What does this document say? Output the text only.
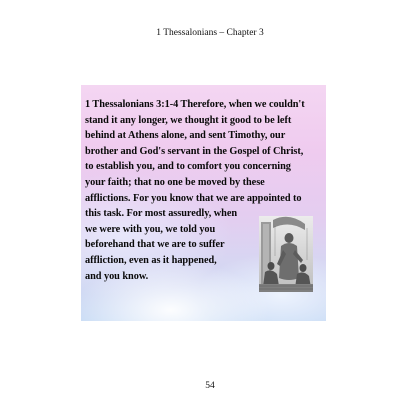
1 Thessalonians – Chapter 3

1 Thessalonians 3:1-4 Therefore, when we couldn't
stand it any longer, we thought it good to be left
behind at Athens alone, and sent Timothy, our
brother and God's servant in the Gospel of Christ,
to establish you, and to comfort you concerning
your faith; that no one be moved by these
afflictions. For you know that we are appointed to
this task. For most assuredly, when
we were with you, we told you
beforehand that we are to suffer
affliction, even as it happened,
and you know.

54
